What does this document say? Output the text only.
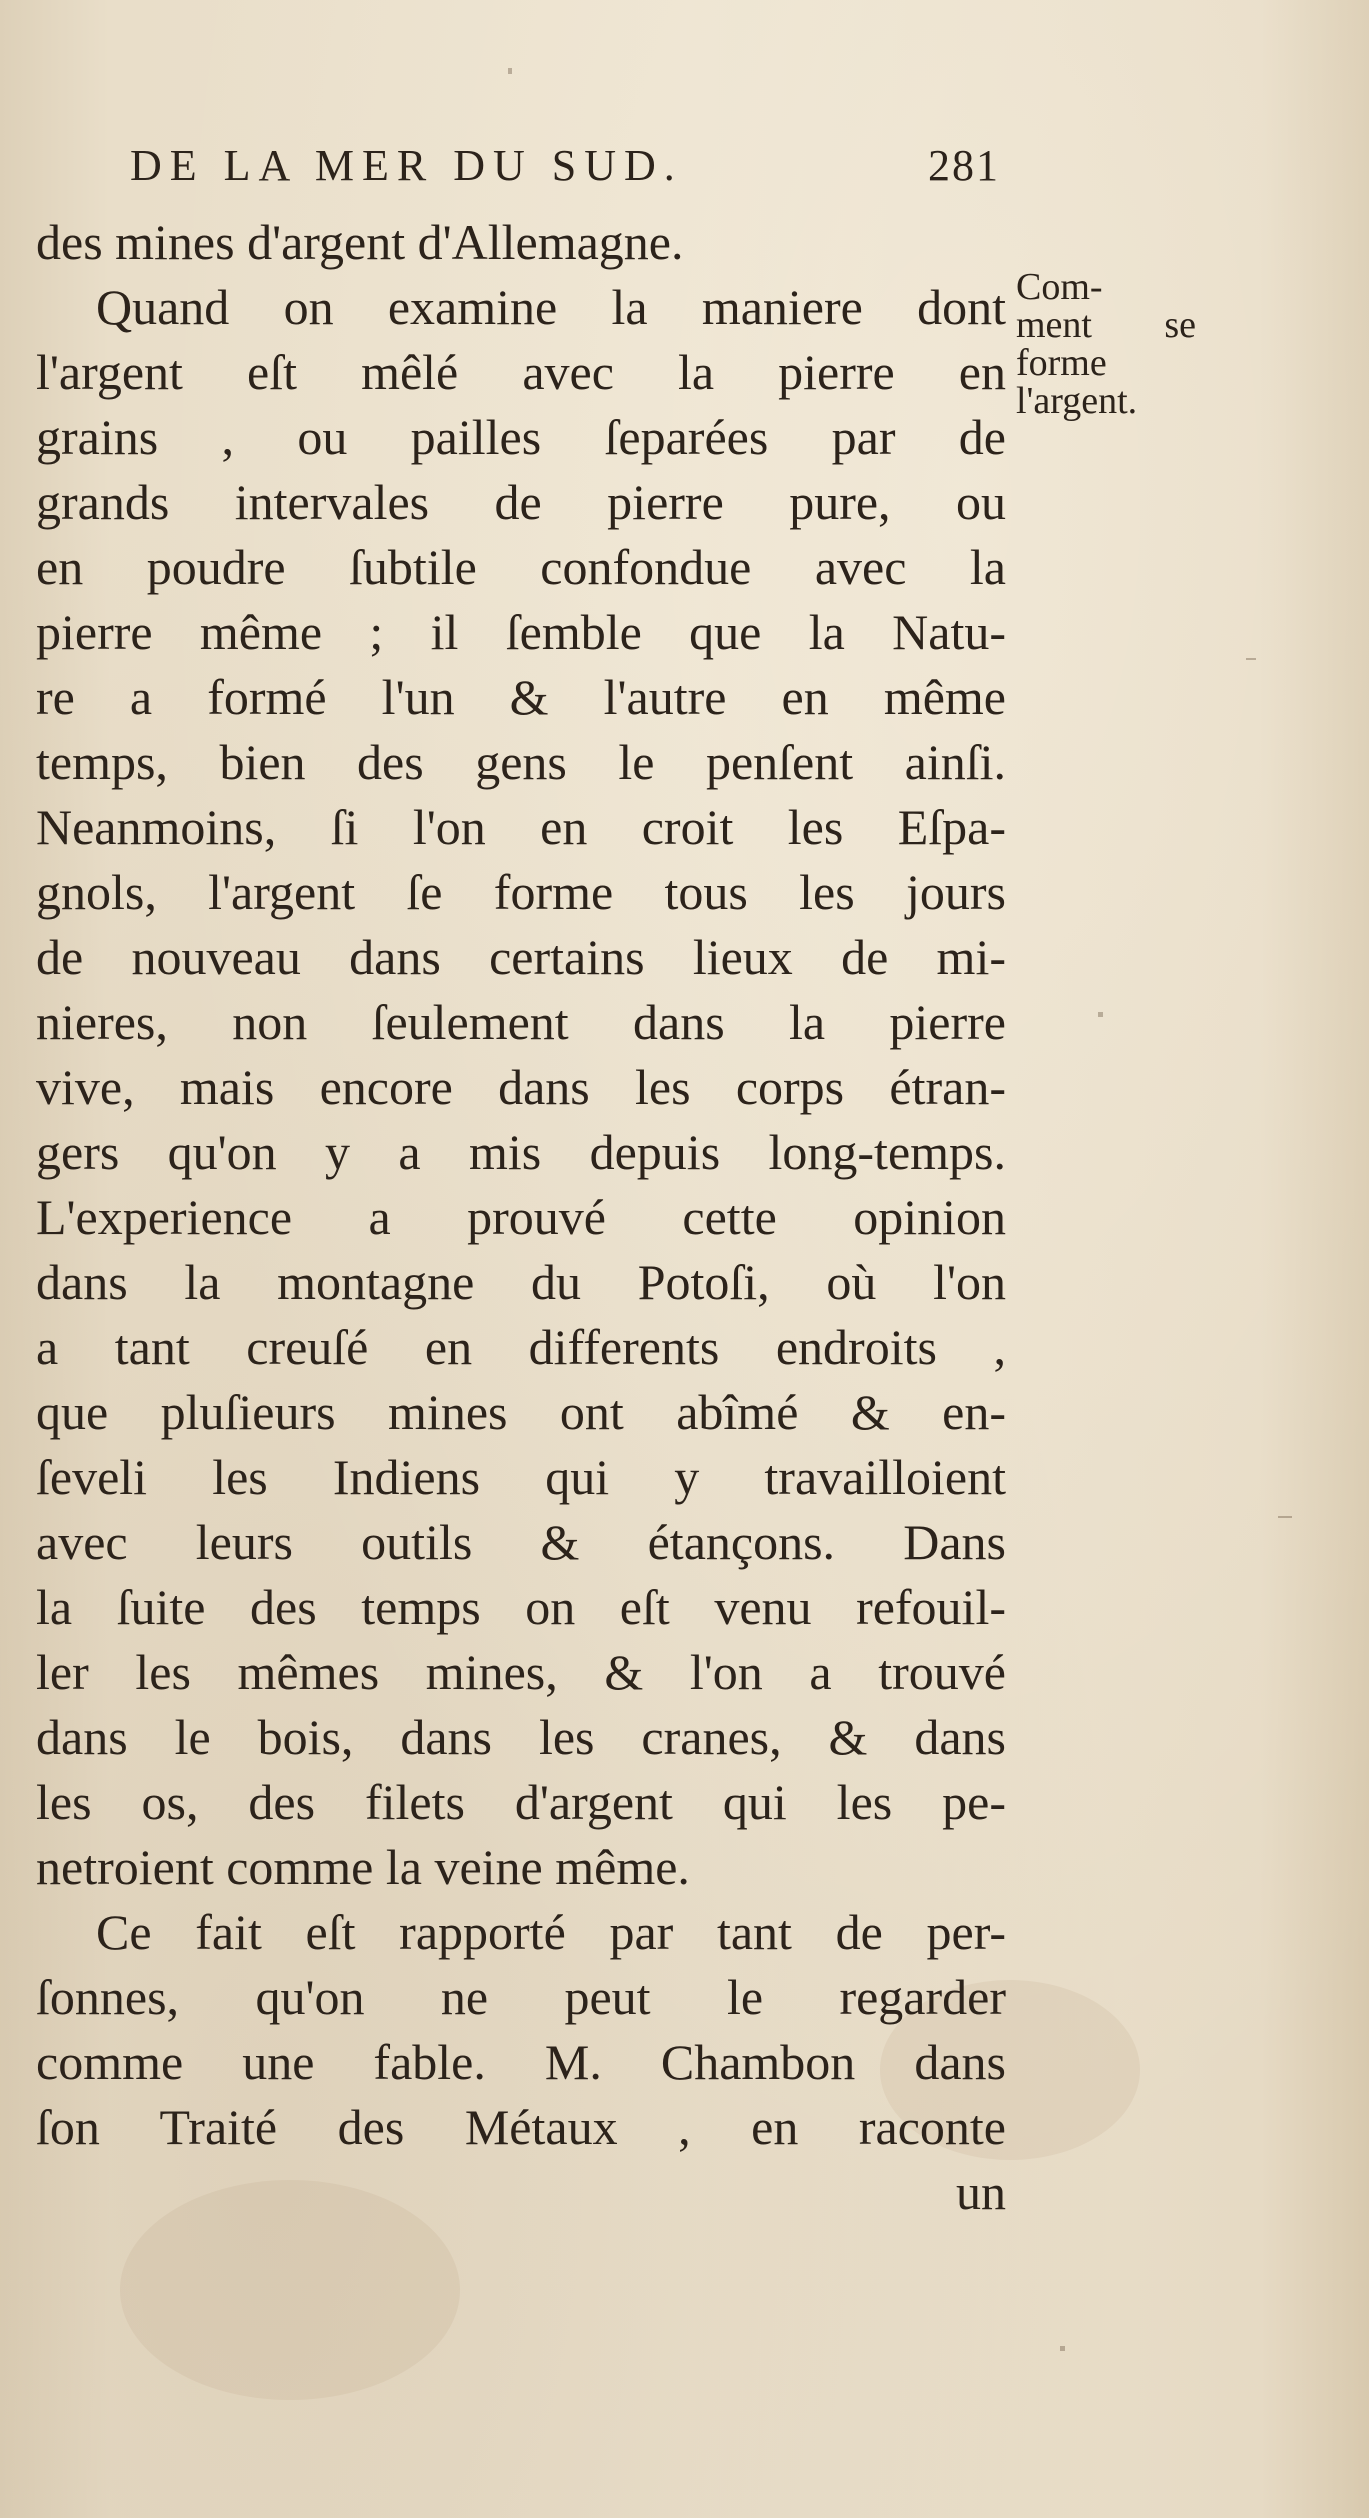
DE LA MER DU SUD.	281
Com-
ment se
forme
l'argent.
des mines d'argent d'Allemagne.
Quand on examine la maniere dont
l'argent eſt mêlé avec la pierre en
grains , ou pailles ſeparées par de
grands intervales de pierre pure, ou
en poudre ſubtile confondue avec la
pierre même ; il ſemble que la Natu-
re a formé l'un & l'autre en même
temps, bien des gens le penſent ainſi.
Neanmoins, ſi l'on en croit les Eſpa-
gnols, l'argent ſe forme tous les jours
de nouveau dans certains lieux de mi-
nieres, non ſeulement dans la pierre
vive, mais encore dans les corps étran-
gers qu'on y a mis depuis long-temps.
L'experience a prouvé cette opinion
dans la montagne du Potoſi, où l'on
a tant creuſé en differents endroits ,
que pluſieurs mines ont abîmé & en-
ſeveli les Indiens qui y travailloient
avec leurs outils & étançons. Dans
la ſuite des temps on eſt venu refouil-
ler les mêmes mines, & l'on a trouvé
dans le bois, dans les cranes, & dans
les os, des filets d'argent qui les pe-
netroient comme la veine même.
Ce fait eſt rapporté par tant de per-
ſonnes, qu'on ne peut le regarder
comme une fable. M. Chambon dans
ſon Traité des Métaux , en raconte
un
